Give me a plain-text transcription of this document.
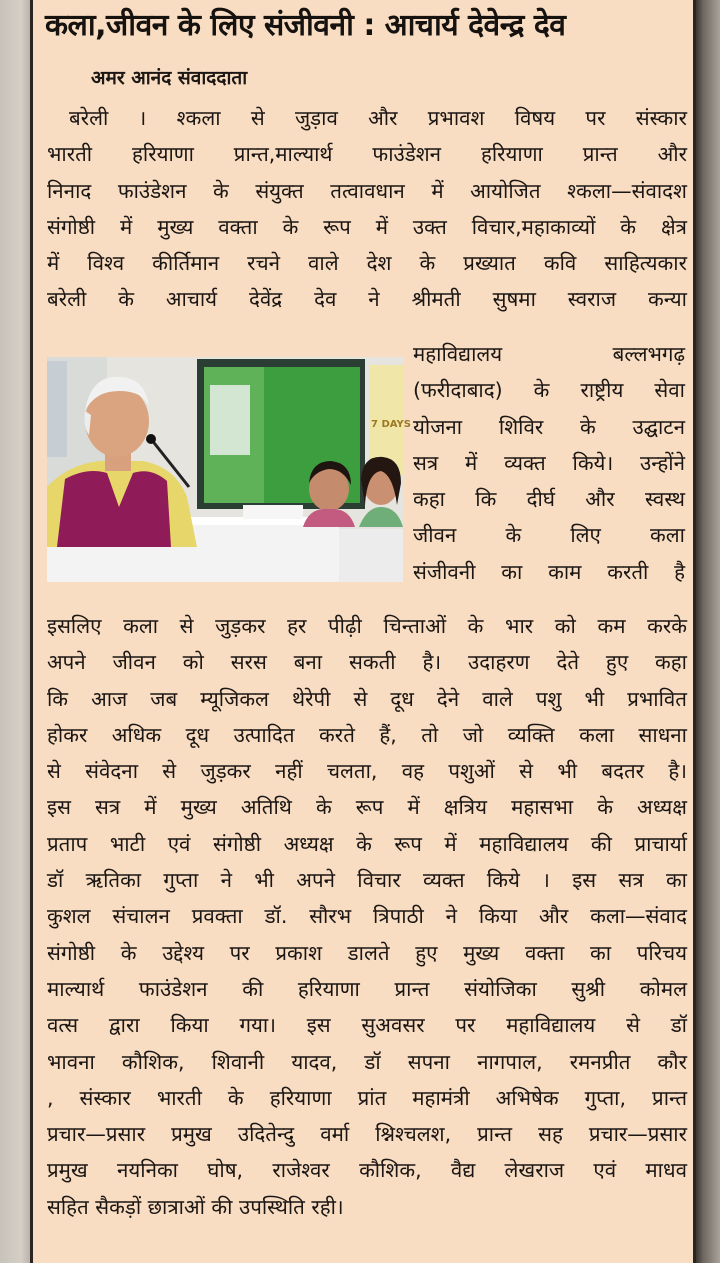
कला,जीवन के लिए संजीवनी : आचार्य देवेन्द्र देव
अमर आनंद संवाददाता
बरेली । श्कला से जुड़ाव और प्रभावश विषय पर संस्कार
भारती हरियाणा प्रान्त,माल्यार्थ फाउंडेशन हरियाणा प्रान्त और
निनाद फाउंडेशन के संयुक्त तत्वावधान में आयोजित श्कला—संवादश
संगोष्ठी में मुख्य वक्ता के रूप में उक्त विचार,महाकाव्यों के क्षेत्र
में विश्व कीर्तिमान रचने वाले देश के प्रख्यात कवि साहित्यकार
बरेली के आचार्य देवेंद्र देव ने श्रीमती सुषमा स्वराज कन्या
7 DAYS
महाविद्यालय बल्लभगढ़
(फरीदाबाद) के राष्ट्रीय सेवा
योजना शिविर के उद्घाटन
सत्र में व्यक्त किये। उन्होंने
कहा कि दीर्घ और स्वस्थ
जीवन के लिए कला
संजीवनी का काम करती है
इसलिए कला से जुड़कर हर पीढ़ी चिन्ताओं के भार को कम करके
अपने जीवन को सरस बना सकती है। उदाहरण देते हुए कहा
कि आज जब म्यूजिकल थेरेपी से दूध देने वाले पशु भी प्रभावित
होकर अधिक दूध उत्पादित करते हैं, तो जो व्यक्ति कला साधना
से संवेदना से जुड़कर नहीं चलता, वह पशुओं से भी बदतर है।
इस सत्र में मुख्य अतिथि के रूप में क्षत्रिय महासभा के अध्यक्ष
प्रताप भाटी एवं संगोष्ठी अध्यक्ष के रूप में महाविद्यालय की प्राचार्या
डॉ ऋतिका गुप्ता ने भी अपने विचार व्यक्त किये । इस सत्र का
कुशल संचालन प्रवक्ता डॉ. सौरभ त्रिपाठी ने किया और कला—संवाद
संगोष्ठी के उद्देश्य पर प्रकाश डालते हुए मुख्य वक्ता का परिचय
माल्यार्थ फाउंडेशन की हरियाणा प्रान्त संयोजिका सुश्री कोमल
वत्स द्वारा किया गया। इस सुअवसर पर महाविद्यालय से डॉ
भावना कौशिक, शिवानी यादव, डॉ सपना नागपाल, रमनप्रीत कौर
, संस्कार भारती के हरियाणा प्रांत महामंत्री अभिषेक गुप्ता, प्रान्त
प्रचार—प्रसार प्रमुख उदितेन्दु वर्मा श्निश्चलश, प्रान्त सह प्रचार—प्रसार
प्रमुख नयनिका घोष, राजेश्वर कौशिक, वैद्य लेखराज एवं माधव
सहित सैकड़ों छात्राओं की उपस्थिति रही।
